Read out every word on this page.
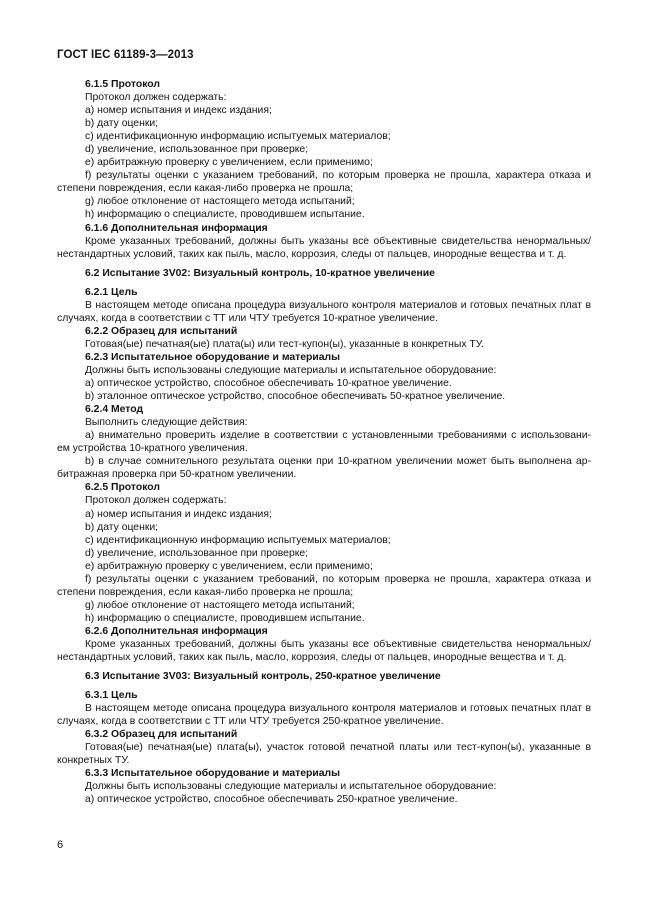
ГОСТ IEC 61189-3—2013

6.1.5 Протокол

Протокол должен содержать:

a) номер испытания и индекс издания;

b) дату оценки;

c) идентификационную информацию испытуемых материалов;

d) увеличение, использованное при проверке;

e) арбитражную проверку с увеличением, если применимо;

f) результаты оценки с указанием требований, по которым проверка не прошла, характера отказа и степени повреждения, если какая-либо проверка не прошла;

g) любое отклонение от настоящего метода испытаний;

h) информацию о специалисте, проводившем испытание.

6.1.6 Дополнительная информация

Кроме указанных требований, должны быть указаны все объективные свидетельства ненормальных/ нестандартных условий, таких как пыль, масло, коррозия, следы от пальцев, инородные вещества и т. д.

6.2 Испытание 3V02: Визуальный контроль, 10-кратное увеличение

6.2.1 Цель

В настоящем методе описана процедура визуального контроля материалов и готовых печатных плат в случаях, когда в соответствии с ТТ или ЧТУ требуется 10-кратное увеличение.

6.2.2 Образец для испытаний

Готовая(ые) печатная(ые) плата(ы) или тест-купон(ы), указанные в конкретных ТУ.

6.2.3 Испытательное оборудование и материалы

Должны быть использованы следующие материалы и испытательное оборудование:

a) оптическое устройство, способное обеспечивать 10-кратное увеличение.

b) эталонное оптическое устройство, способное обеспечивать 50-кратное увеличение.

6.2.4 Метод

Выполнить следующие действия:

a) внимательно проверить изделие в соответствии с установленными требованиями с использовани- ем устройства 10-кратного увеличения.

b) в случае сомнительного результата оценки при 10-кратном увеличении может быть выполнена ар- битражная проверка при 50-кратном увеличении.

6.2.5 Протокол

Протокол должен содержать:

a) номер испытания и индекс издания;

b) дату оценки;

c) идентификационную информацию испытуемых материалов;

d) увеличение, использованное при проверке;

e) арбитражную проверку с увеличением, если применимо;

f) результаты оценки с указанием требований, по которым проверка не прошла, характера отказа и степени повреждения, если какая-либо проверка не прошла;

g) любое отклонение от настоящего метода испытаний;

h) информацию о специалисте, проводившем испытание.

6.2.6 Дополнительная информация

Кроме указанных требований, должны быть указаны все объективные свидетельства ненормальных/ нестандартных условий, таких как пыль, масло, коррозия, следы от пальцев, инородные вещества и т. д.

6.3 Испытание 3V03: Визуальный контроль, 250-кратное увеличение

6.3.1 Цель

В настоящем методе описана процедура визуального контроля материалов и готовых печатных плат в случаях, когда в соответствии с ТТ или ЧТУ требуется 250-кратное увеличение.

6.3.2 Образец для испытаний

Готовая(ые) печатная(ые) плата(ы), участок готовой печатной платы или тест-купон(ы), указанные в конкретных ТУ.

6.3.3 Испытательное оборудование и материалы

Должны быть использованы следующие материалы и испытательное оборудование:

a) оптическое устройство, способное обеспечивать 250-кратное увеличение.

6
